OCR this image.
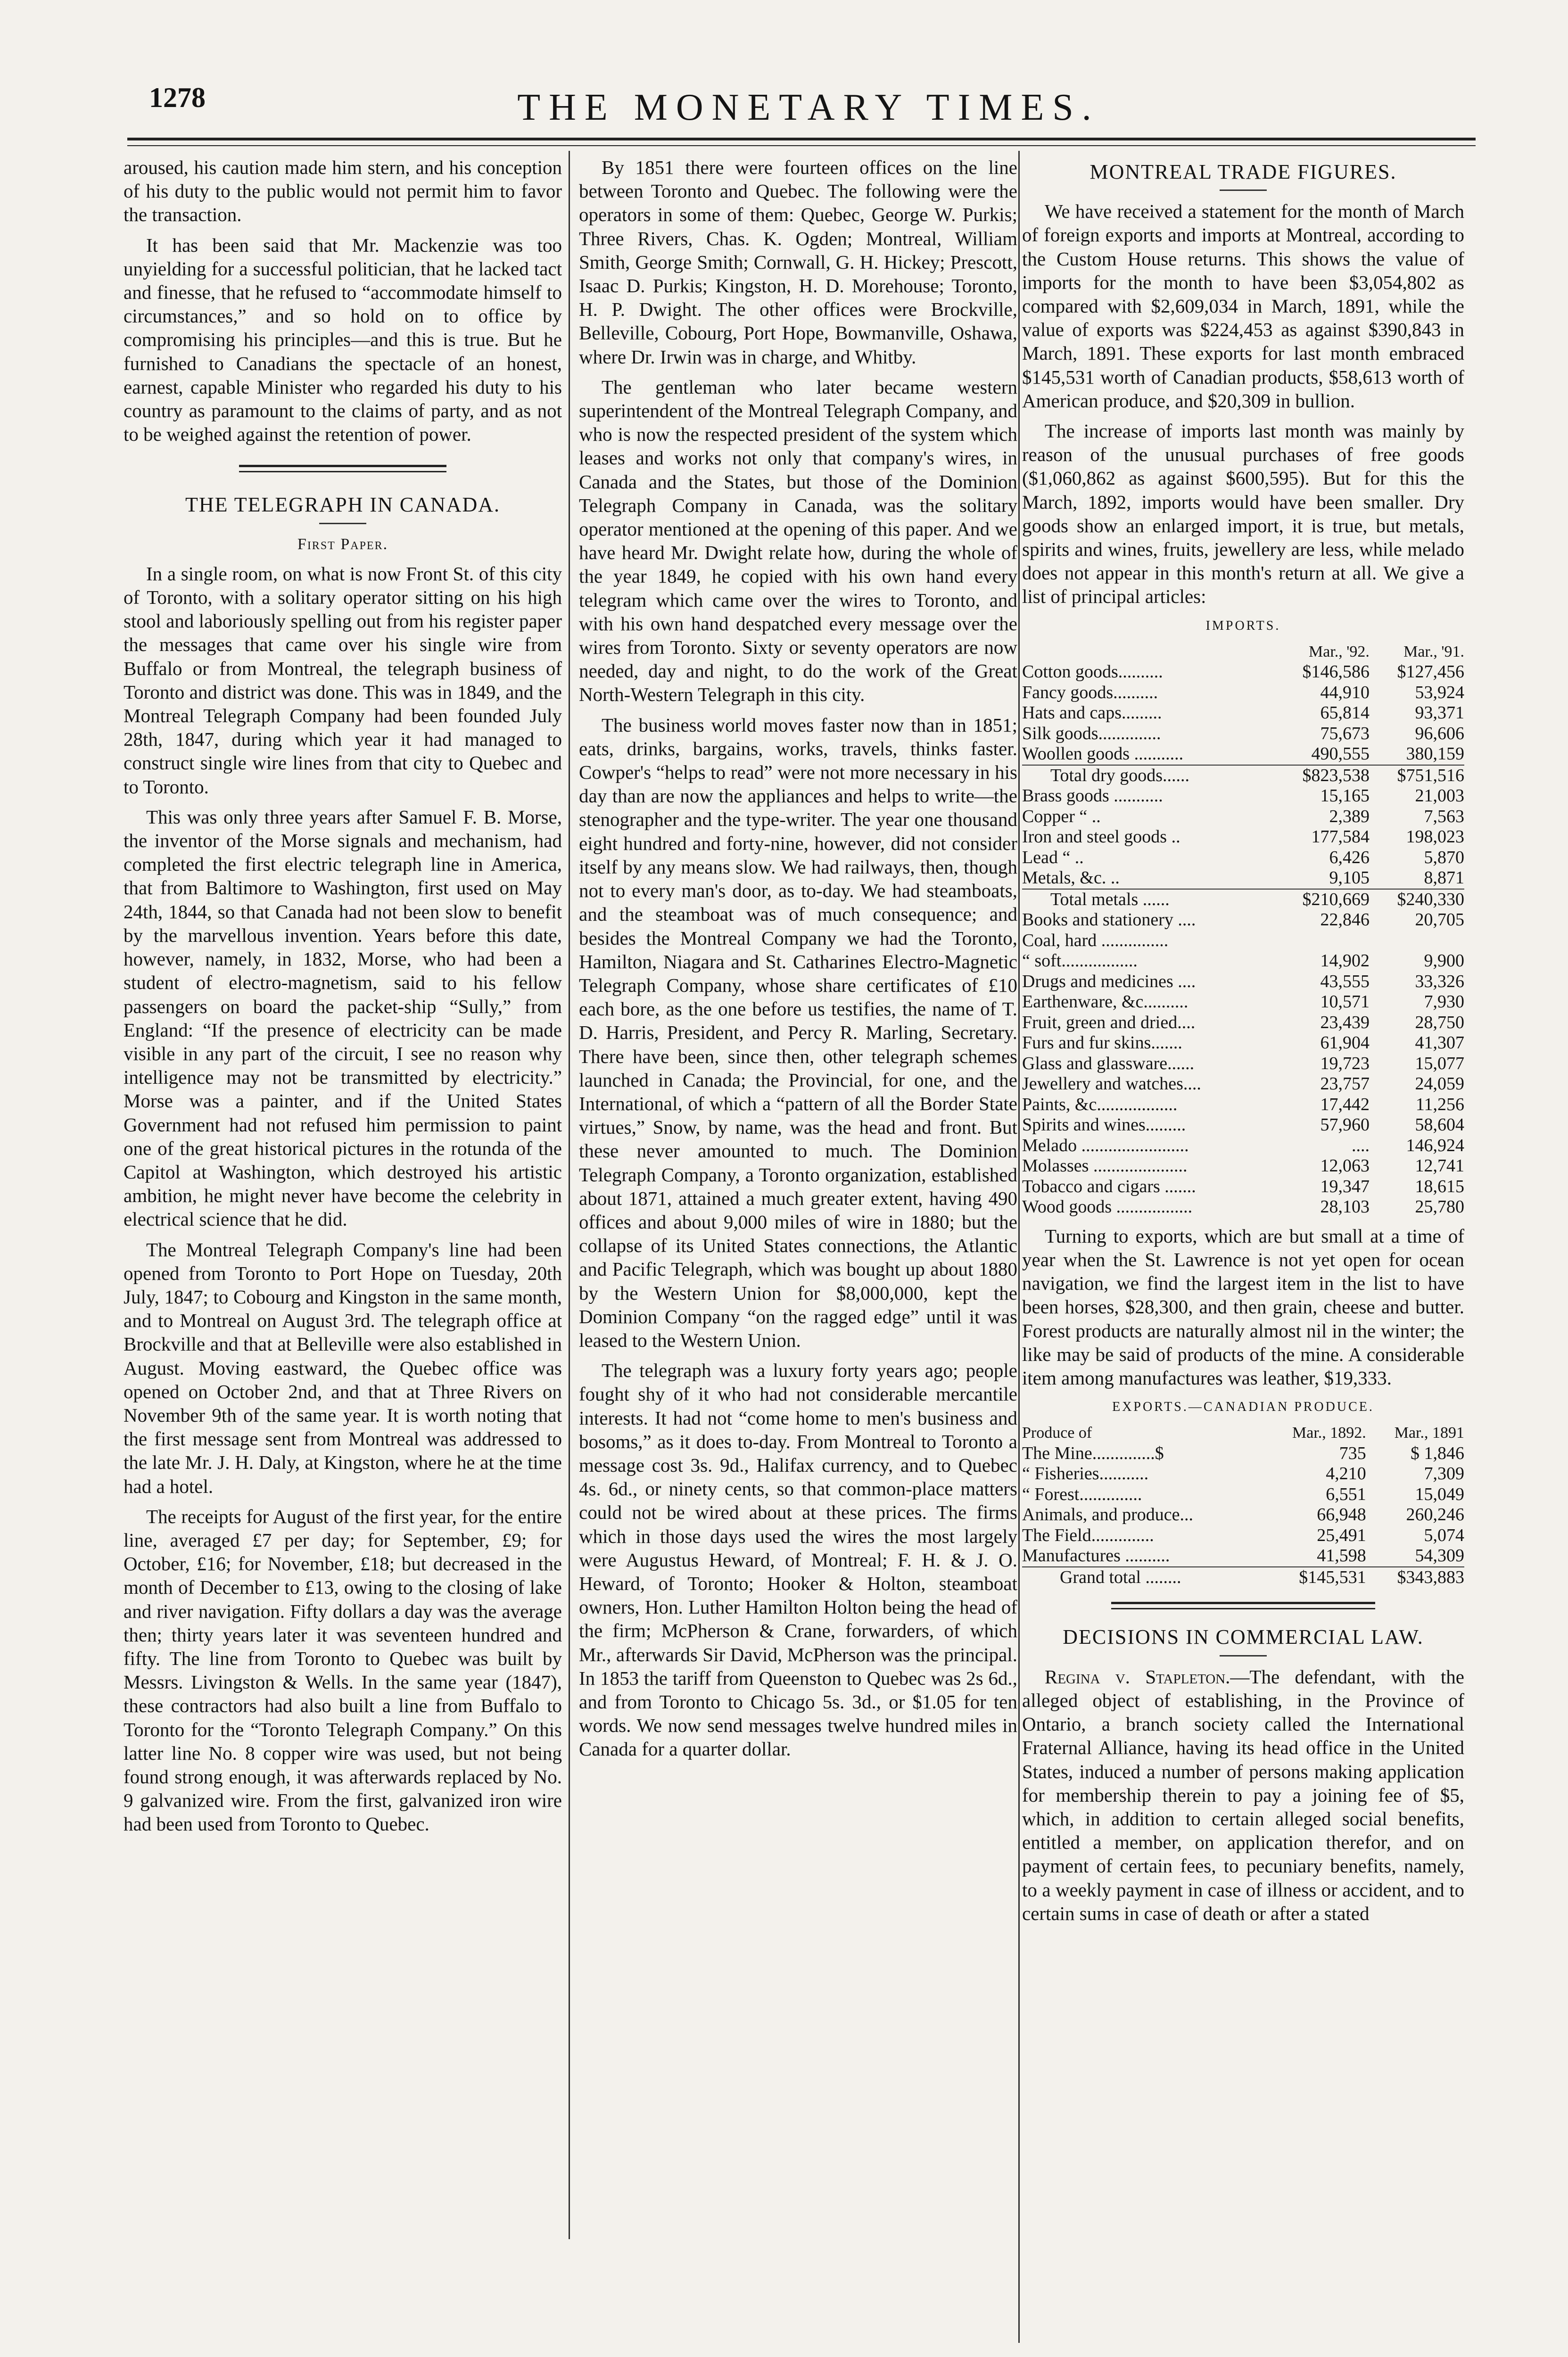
1278	THE MONETARY TIMES.

aroused, his caution made him stern, and his conception of his duty to the public would not permit him to favor the transaction.

It has been said that Mr. Mackenzie was too unyielding for a successful politician, that he lacked tact and finesse, that he refused to “accommodate himself to circumstances,” and so hold on to office by compromising his principles—and this is true. But he furnished to Canadians the spectacle of an honest, earnest, capable Minister who regarded his duty to his country as paramount to the claims of party, and as not to be weighed against the retention of power.

THE TELEGRAPH IN CANADA.
First Paper.

In a single room, on what is now Front St. of this city of Toronto, with a solitary operator sitting on his high stool and laboriously spelling out from his register paper the messages that came over his single wire from Buffalo or from Montreal, the telegraph business of Toronto and district was done. This was in 1849, and the Montreal Telegraph Company had been founded July 28th, 1847, during which year it had managed to construct single wire lines from that city to Quebec and to Toronto.

This was only three years after Samuel F. B. Morse, the inventor of the Morse signals and mechanism, had completed the first electric telegraph line in America, that from Baltimore to Washington, first used on May 24th, 1844, so that Canada had not been slow to benefit by the marvellous invention. Years before this date, however, namely, in 1832, Morse, who had been a student of electro-magnetism, said to his fellow passengers on board the packet-ship “Sully,” from England: “If the presence of electricity can be made visible in any part of the circuit, I see no reason why intelligence may not be transmitted by electricity.” Morse was a painter, and if the United States Government had not refused him permission to paint one of the great historical pictures in the rotunda of the Capitol at Washington, which destroyed his artistic ambition, he might never have become the celebrity in electrical science that he did.

The Montreal Telegraph Company's line had been opened from Toronto to Port Hope on Tuesday, 20th July, 1847; to Cobourg and Kingston in the same month, and to Montreal on August 3rd. The telegraph office at Brockville and that at Belleville were also established in August. Moving eastward, the Quebec office was opened on October 2nd, and that at Three Rivers on November 9th of the same year. It is worth noting that the first message sent from Montreal was addressed to the late Mr. J. H. Daly, at Kingston, where he at the time had a hotel.

The receipts for August of the first year, for the entire line, averaged £7 per day; for September, £9; for October, £16; for November, £18; but decreased in the month of December to £13, owing to the closing of lake and river navigation. Fifty dollars a day was the average then; thirty years later it was seventeen hundred and fifty. The line from Toronto to Quebec was built by Messrs. Livingston & Wells. In the same year (1847), these contractors had also built a line from Buffalo to Toronto for the “Toronto Telegraph Company.” On this latter line No. 8 copper wire was used, but not being found strong enough, it was afterwards replaced by No. 9 galvanized wire. From the first, galvanized iron wire had been used from Toronto to Quebec.

By 1851 there were fourteen offices on the line between Toronto and Quebec. The following were the operators in some of them: Quebec, George W. Purkis; Three Rivers, Chas. K. Ogden; Montreal, William Smith, George Smith; Cornwall, G. H. Hickey; Prescott, Isaac D. Purkis; Kingston, H. D. Morehouse; Toronto, H. P. Dwight. The other offices were Brockville, Belleville, Cobourg, Port Hope, Bowmanville, Oshawa, where Dr. Irwin was in charge, and Whitby.

The gentleman who later became western superintendent of the Montreal Telegraph Company, and who is now the respected president of the system which leases and works not only that company's wires, in Canada and the States, but those of the Dominion Telegraph Company in Canada, was the solitary operator mentioned at the opening of this paper. And we have heard Mr. Dwight relate how, during the whole of the year 1849, he copied with his own hand every telegram which came over the wires to Toronto, and with his own hand despatched every message over the wires from Toronto. Sixty or seventy operators are now needed, day and night, to do the work of the Great North-Western Telegraph in this city.

The business world moves faster now than in 1851; eats, drinks, bargains, works, travels, thinks faster. Cowper's “helps to read” were not more necessary in his day than are now the appliances and helps to write—the stenographer and the type-writer. The year one thousand eight hundred and forty-nine, however, did not consider itself by any means slow. We had railways, then, though not to every man's door, as to-day. We had steamboats, and the steamboat was of much consequence; and besides the Montreal Company we had the Toronto, Hamilton, Niagara and St. Catharines Electro-Magnetic Telegraph Company, whose share certificates of £10 each bore, as the one before us testifies, the name of T. D. Harris, President, and Percy R. Marling, Secretary. There have been, since then, other telegraph schemes launched in Canada; the Provincial, for one, and the International, of which a “pattern of all the Border State virtues,” Snow, by name, was the head and front. But these never amounted to much. The Dominion Telegraph Company, a Toronto organization, established about 1871, attained a much greater extent, having 490 offices and about 9,000 miles of wire in 1880; but the collapse of its United States connections, the Atlantic and Pacific Telegraph, which was bought up about 1880 by the Western Union for $8,000,000, kept the Dominion Company “on the ragged edge” until it was leased to the Western Union.

The telegraph was a luxury forty years ago; people fought shy of it who had not considerable mercantile interests. It had not “come home to men's business and bosoms,” as it does to-day. From Montreal to Toronto a message cost 3s. 9d., Halifax currency, and to Quebec 4s. 6d., or ninety cents, so that common-place matters could not be wired about at these prices. The firms which in those days used the wires the most largely were Augustus Heward, of Montreal; F. H. & J. O. Heward, of Toronto; Hooker & Holton, steamboat owners, Hon. Luther Hamilton Holton being the head of the firm; McPherson & Crane, forwarders, of which Mr., afterwards Sir David, McPherson was the principal. In 1853 the tariff from Queenston to Quebec was 2s 6d., and from Toronto to Chicago 5s. 3d., or $1.05 for ten words. We now send messages twelve hundred miles in Canada for a quarter dollar.

MONTREAL TRADE FIGURES.

We have received a statement for the month of March of foreign exports and imports at Montreal, according to the Custom House returns. This shows the value of imports for the month to have been $3,054,802 as compared with $2,609,034 in March, 1891, while the value of exports was $224,453 as against $390,843 in March, 1891. These exports for last month embraced $145,531 worth of Canadian products, $58,613 worth of American produce, and $20,309 in bullion.

The increase of imports last month was mainly by reason of the unusual purchases of free goods ($1,060,862 as against $600,595). But for this the March, 1892, imports would have been smaller. Dry goods show an enlarged import, it is true, but metals, spirits and wines, fruits, jewellery are less, while melado does not appear in this month's return at all. We give a list of principal articles:

IMPORTS.
	Mar., '92.	Mar., '91.
Cotton goods..........	$146,586	$127,456
Fancy goods..........	44,910	53,924
Hats and caps.........	65,814	93,371
Silk goods..............	75,673	96,606
Woollen goods ...........	490,555	380,159
Total dry goods......	$823,538	$751,516
Brass goods ...........	15,165	21,003
Copper “ ..	2,389	7,563
Iron and steel goods ..	177,584	198,023
Lead “ ..	6,426	5,870
Metals, &c. ..	9,105	8,871
Total metals ......	$210,669	$240,330
Books and stationery ....	22,846	20,705
Coal, hard ...............		
“ soft.................	14,902	9,900
Drugs and medicines ....	43,555	33,326
Earthenware, &c..........	10,571	7,930
Fruit, green and dried....	23,439	28,750
Furs and fur skins.......	61,904	41,307
Glass and glassware......	19,723	15,077
Jewellery and watches....	23,757	24,059
Paints, &c..................	17,442	11,256
Spirits and wines.........	57,960	58,604
Melado ........................	....	146,924
Molasses .....................	12,063	12,741
Tobacco and cigars .......	19,347	18,615
Wood goods .................	28,103	25,780

Turning to exports, which are but small at a time of year when the St. Lawrence is not yet open for ocean navigation, we find the largest item in the list to have been horses, $28,300, and then grain, cheese and butter. Forest products are naturally almost nil in the winter; the like may be said of products of the mine. A considerable item among manufactures was leather, $19,333.

EXPORTS.—CANADIAN PRODUCE.
Produce of	Mar., 1892.	Mar., 1891
The Mine..............$	735	$ 1,846
“ Fisheries...........	4,210	7,309
“ Forest..............	6,551	15,049
Animals, and produce...	66,948	260,246
The Field..............	25,491	5,074
Manufactures ..........	41,598	54,309
Grand total ........	$145,531	$343,883
DECISIONS IN COMMERCIAL LAW.

Regina v. Stapleton.—The defendant, with the alleged object of establishing, in the Province of Ontario, a branch society called the International Fraternal Alliance, having its head office in the United States, induced a number of persons making application for membership therein to pay a joining fee of $5, which, in addition to certain alleged social benefits, entitled a member, on application therefor, and on payment of certain fees, to pecuniary benefits, namely, to a weekly payment in case of illness or accident, and to certain sums in case of death or after a stated
